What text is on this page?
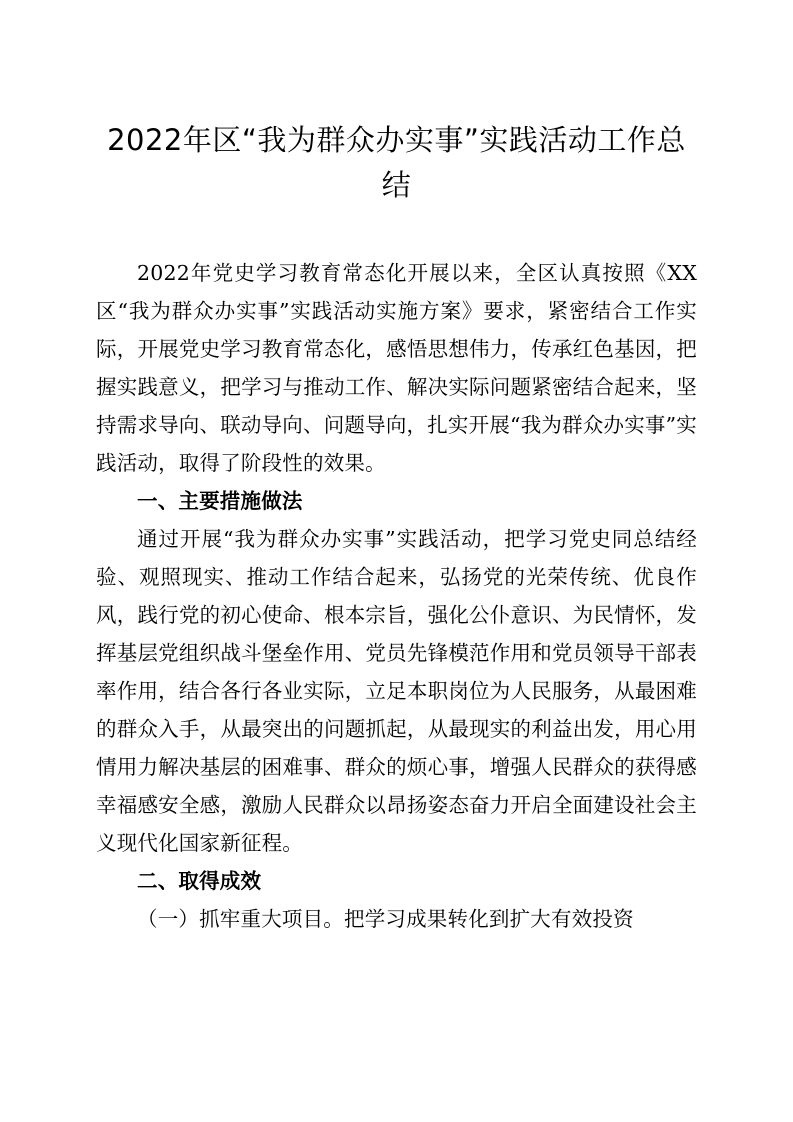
2022年区“我为群众办实事”实践活动工作总结

2022年党史学习教育常态化开展以来，全区认真按照《XX区“我为群众办实事”实践活动实施方案》要求，紧密结合工作实际，开展党史学习教育常态化，感悟思想伟力，传承红色基因，把握实践意义，把学习与推动工作、解决实际问题紧密结合起来，坚持需求导向、联动导向、问题导向，扎实开展“我为群众办实事”实践活动，取得了阶段性的效果。

一、主要措施做法

通过开展“我为群众办实事”实践活动，把学习党史同总结经验、观照现实、推动工作结合起来，弘扬党的光荣传统、优良作风，践行党的初心使命、根本宗旨，强化公仆意识、为民情怀，发挥基层党组织战斗堡垒作用、党员先锋模范作用和党员领导干部表率作用，结合各行各业实际，立足本职岗位为人民服务，从最困难的群众入手，从最突出的问题抓起，从最现实的利益出发，用心用情用力解决基层的困难事、群众的烦心事，增强人民群众的获得感幸福感安全感，激励人民群众以昂扬姿态奋力开启全面建设社会主义现代化国家新征程。

二、取得成效

（一）抓牢重大项目。把学习成果转化到扩大有效投资
